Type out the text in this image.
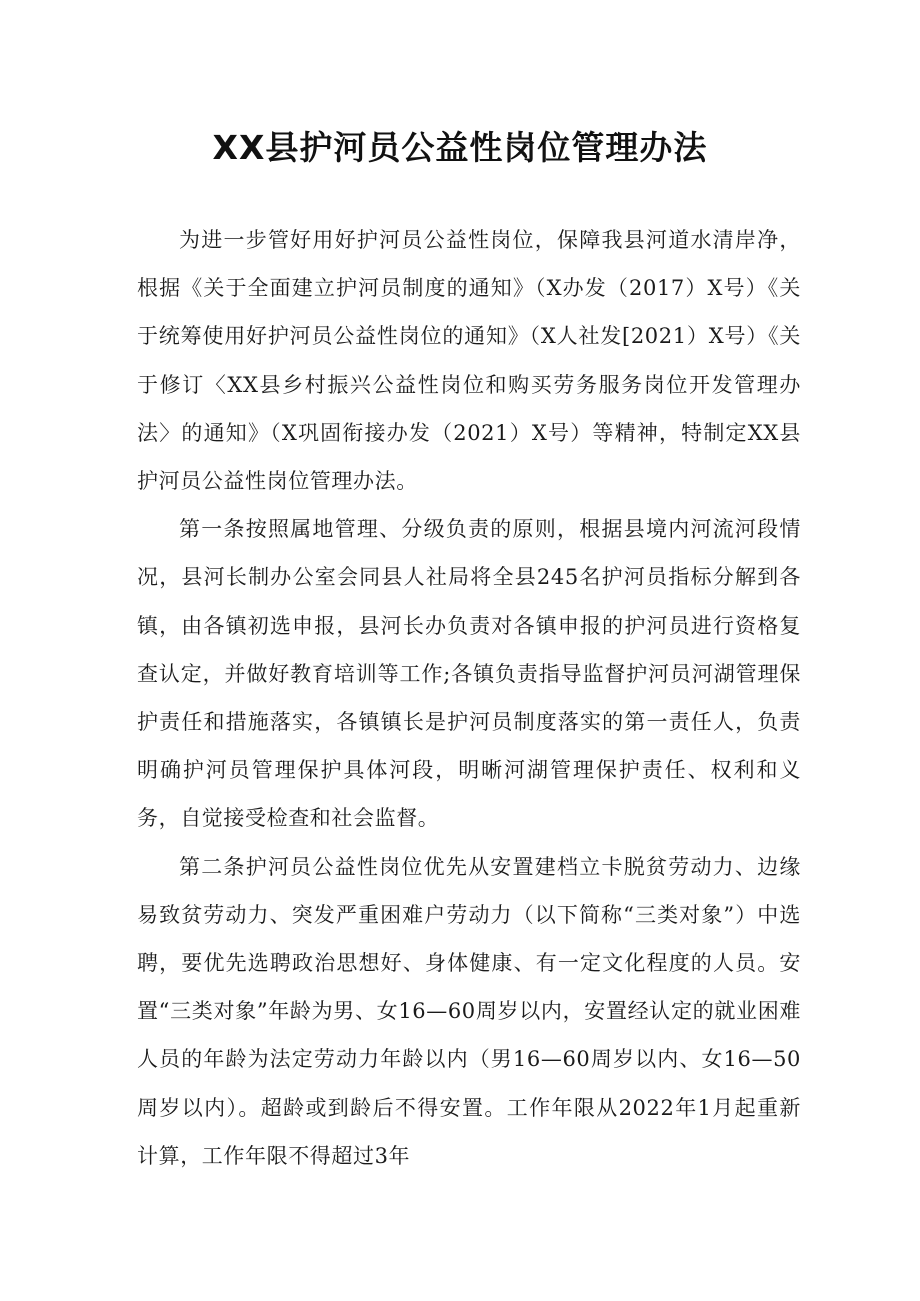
XX县护河员公益性岗位管理办法

为进一步管好用好护河员公益性岗位，保障我县河道水清岸净，根据《关于全面建立护河员制度的通知》（X办发（2017）X号）《关于统筹使用好护河员公益性岗位的通知》（X人社发[2021）X号）《关于修订〈XX县乡村振兴公益性岗位和购买劳务服务岗位开发管理办法〉的通知》（X巩固衔接办发（2021）X号）等精神，特制定XX县护河员公益性岗位管理办法。

第一条按照属地管理、分级负责的原则，根据县境内河流河段情况，县河长制办公室会同县人社局将全县245名护河员指标分解到各镇，由各镇初选申报，县河长办负责对各镇申报的护河员进行资格复查认定，并做好教育培训等工作;各镇负责指导监督护河员河湖管理保护责任和措施落实，各镇镇长是护河员制度落实的第一责任人，负责明确护河员管理保护具体河段，明晰河湖管理保护责任、权利和义务，自觉接受检查和社会监督。

第二条护河员公益性岗位优先从安置建档立卡脱贫劳动力、边缘易致贫劳动力、突发严重困难户劳动力（以下简称“三类对象”）中选聘，要优先选聘政治思想好、身体健康、有一定文化程度的人员。安置“三类对象”年龄为男、女16—60周岁以内，安置经认定的就业困难人员的年龄为法定劳动力年龄以内（男16—60周岁以内、女16—50周岁以内）。超龄或到龄后不得安置。工作年限从2022年1月起重新计算，工作年限不得超过3年
